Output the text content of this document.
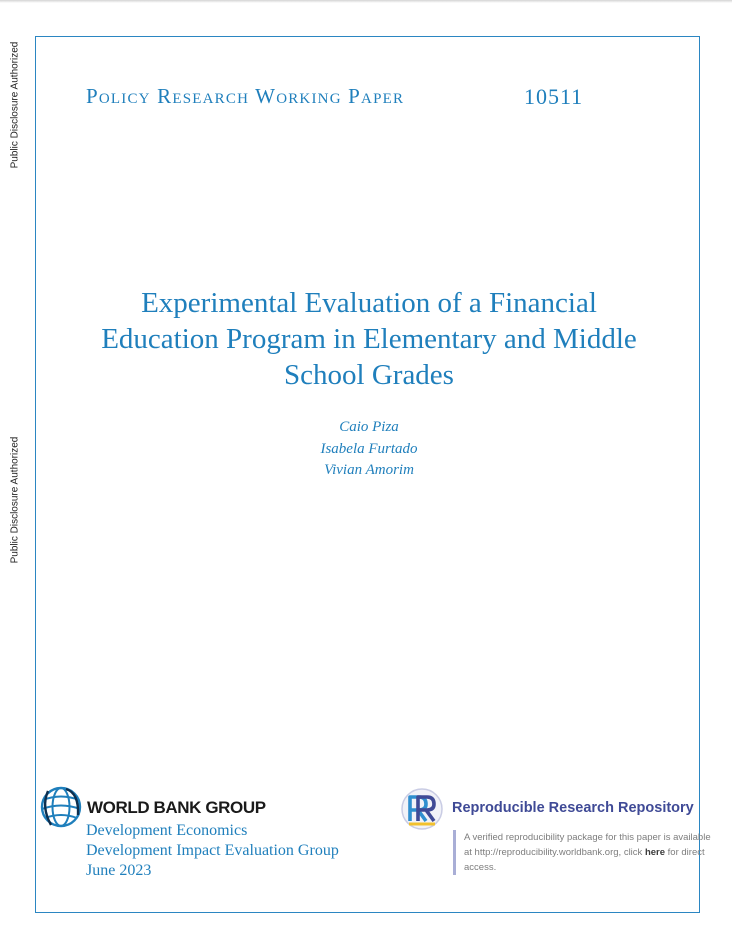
Public Disclosure Authorized
Public Disclosure Authorized
Policy Research Working Paper	10511
Experimental Evaluation of a Financial Education Program in Elementary and Middle School Grades
Caio Piza
Isabela Furtado
Vivian Amorim
WORLD BANK GROUP
Development Economics
Development Impact Evaluation Group
June 2023
Reproducible Research Repository
A verified reproducibility package for this paper is available at http://reproducibility.worldbank.org, click here for direct access.
